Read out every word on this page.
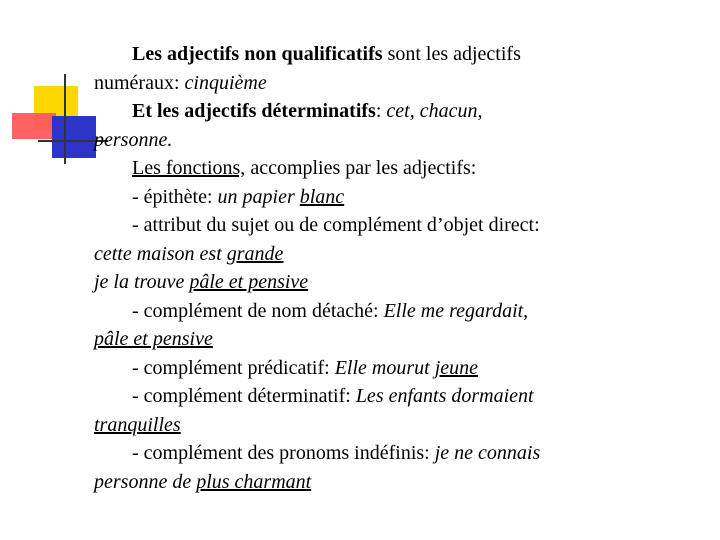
Les adjectifs non qualificatifs sont les adjectifs
numéraux: cinquième
Et les adjectifs déterminatifs: cet, chacun,
personne.
Les fonctions, accomplies par les adjectifs:
- épithète: un papier blanc
- attribut du sujet ou de complément d’objet direct:
cette maison est grande
je la trouve pâle et pensive
- complément de nom détaché: Elle me regardait,
pâle et pensive
- complément prédicatif: Elle mourut jeune
- complément déterminatif: Les enfants dormaient
tranquilles
- complément des pronoms indéfinis: je ne connais
personne de plus charmant
